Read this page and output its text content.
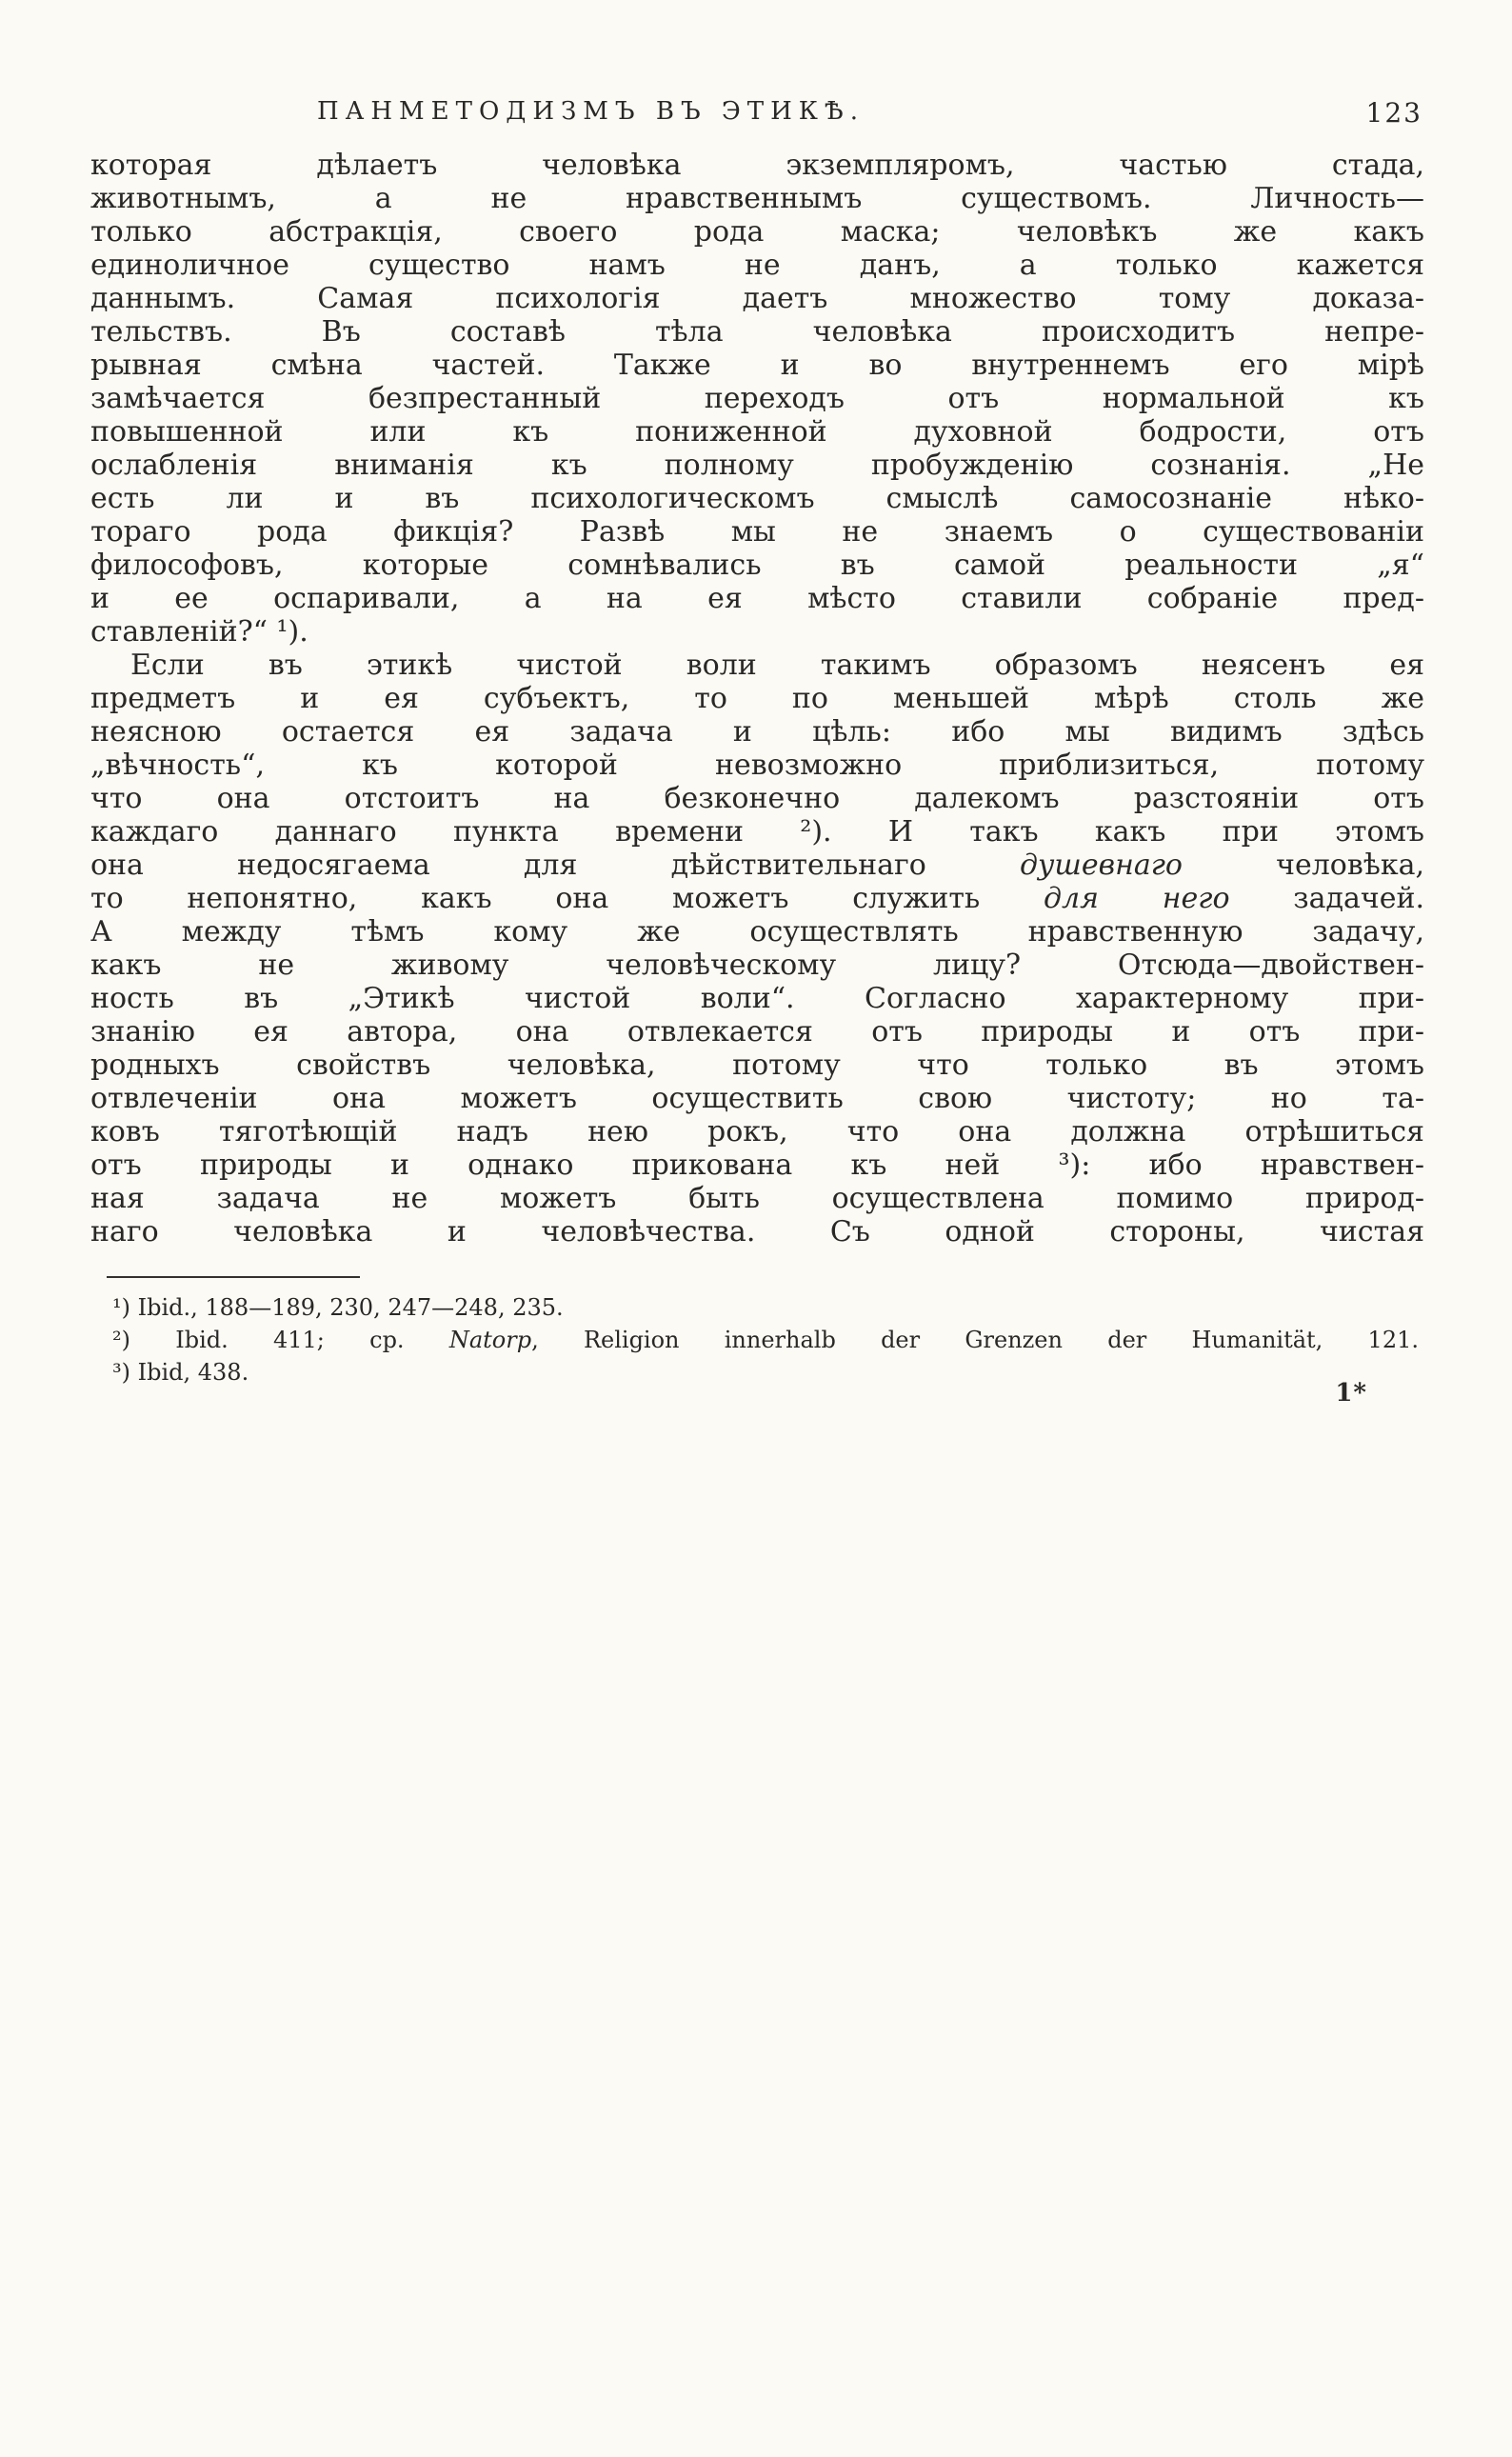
ПАНМЕТОДИЗМЪ ВЪ ЭТИКѢ.	123
которая дѣлаетъ человѣка экземпляромъ, частью стада,
животнымъ, а не нравственнымъ существомъ. Личность—
только абстракція, своего рода маска; человѣкъ же какъ
единоличное существо намъ не данъ, а только кажется
даннымъ. Самая психологія даетъ множество тому доказа-
тельствъ. Въ составѣ тѣла человѣка происходитъ непре-
рывная смѣна частей. Также и во внутреннемъ его мірѣ
замѣчается безпрестанный переходъ отъ нормальной къ
повышенной или къ пониженной духовной бодрости, отъ
ослабленія вниманія къ полному пробужденію сознанія. „Не
есть ли и въ психологическомъ смыслѣ самосознаніе нѣко-
тораго рода фикція? Развѣ мы не знаемъ о существованіи
философовъ, которые сомнѣвались въ самой реальности „я“
и ее оспаривали, а на ея мѣсто ставили собраніе пред-
ставленій?“ ¹).
Если въ этикѣ чистой воли такимъ образомъ неясенъ ея
предметъ и ея субъектъ, то по меньшей мѣрѣ столь же
неясною остается ея задача и цѣль: ибо мы видимъ здѣсь
„вѣчность“, къ которой невозможно приблизиться, потому
что она отстоитъ на безконечно далекомъ разстояніи отъ
каждаго даннаго пункта времени ²). И такъ какъ при этомъ
она недосягаема для дѣйствительнаго душевнаго человѣка,
то непонятно, какъ она можетъ служить для него задачей.
А между тѣмъ кому же осуществлять нравственную задачу,
какъ не живому человѣческому лицу? Отсюда—двойствен-
ность въ „Этикѣ чистой воли“. Согласно характерному при-
знанію ея автора, она отвлекается отъ природы и отъ при-
родныхъ свойствъ человѣка, потому что только въ этомъ
отвлеченіи она можетъ осуществить свою чистоту; но та-
ковъ тяготѣющій надъ нею рокъ, что она должна отрѣшиться
отъ природы и однако прикована къ ней ³): ибо нравствен-
ная задача не можетъ быть осуществлена помимо природ-
наго человѣка и человѣчества. Съ одной стороны, чистая
¹) Ibid., 188—189, 230, 247—248, 235.
²) Ibid. 411; ср. Natorp, Religion innerhalb der Grenzen der Humanität, 121.
³) Ibid, 438.
1*
